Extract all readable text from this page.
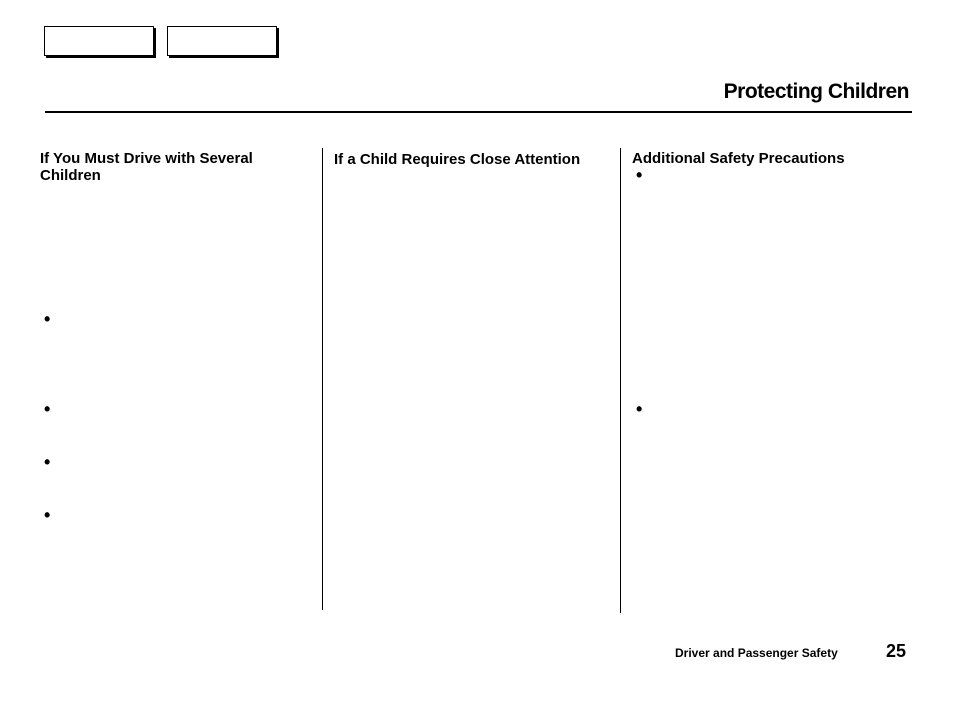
Protecting Children
If You Must Drive with Several Children
If a Child Requires Close Attention	Additional Safety Precautions
•
•
•
•
•
•
Driver and Passenger Safety	25
